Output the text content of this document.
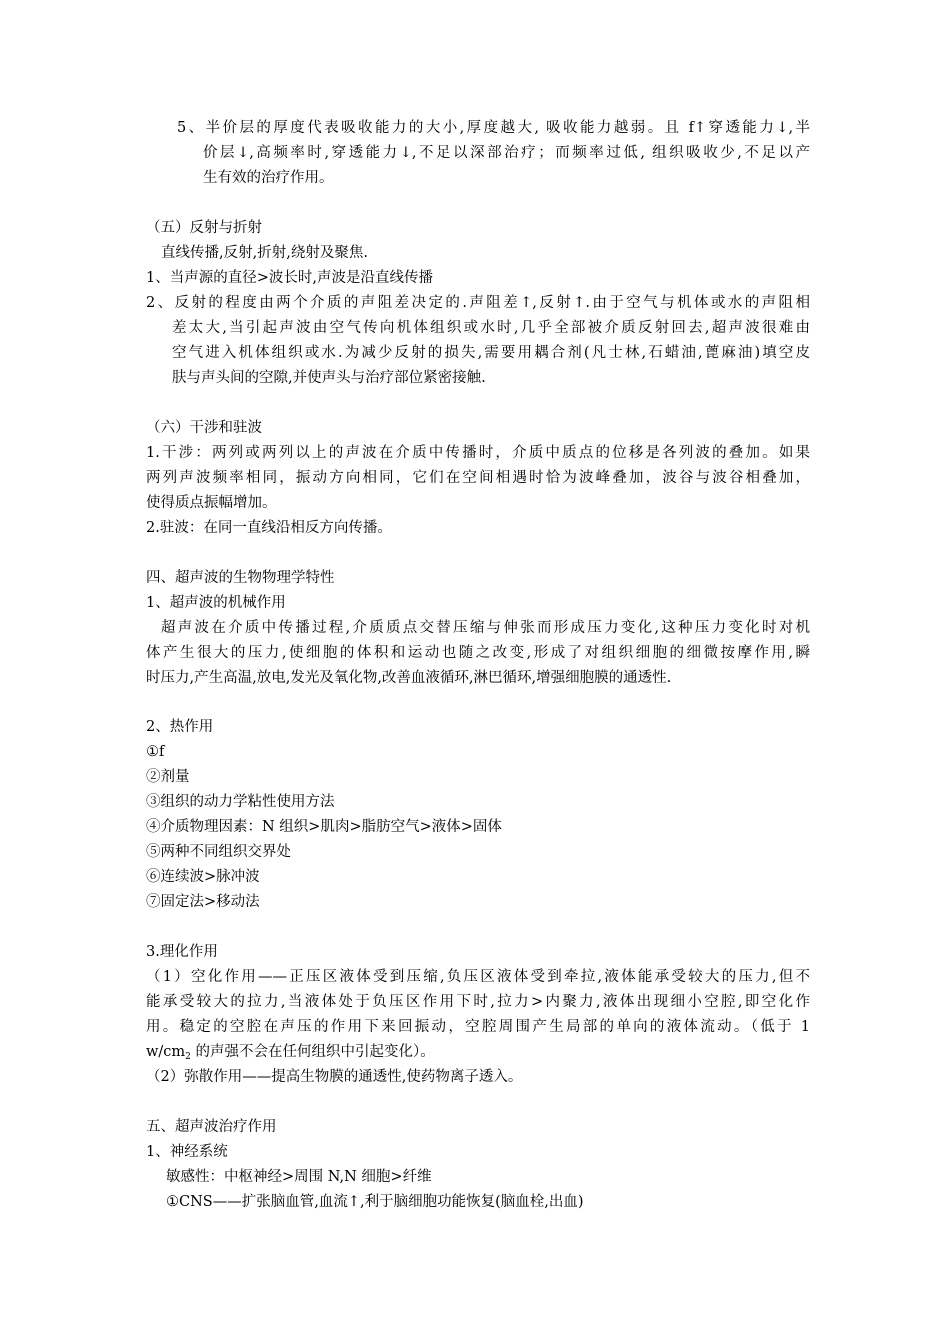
5、半价层的厚度代表吸收能力的大小,厚度越大, 吸收能力越弱。且 f↑穿透能力↓,半
价层↓,高频率时,穿透能力↓,不足以深部治疗；而频率过低, 组织吸收少,不足以产
生有效的治疗作用。
（五）反射与折射
直线传播,反射,折射,绕射及聚焦.
1、当声源的直径>波长时,声波是沿直线传播
2、反射的程度由两个介质的声阻差决定的.声阻差↑,反射↑.由于空气与机体或水的声阻相
差太大,当引起声波由空气传向机体组织或水时,几乎全部被介质反射回去,超声波很难由
空气进入机体组织或水.为减少反射的损失,需要用耦合剂(凡士林,石蜡油,蓖麻油)填空皮
肤与声头间的空隙,并使声头与治疗部位紧密接触.
（六）干涉和驻波
1.干涉：两列或两列以上的声波在介质中传播时，介质中质点的位移是各列波的叠加。如果
两列声波频率相同，振动方向相同，它们在空间相遇时恰为波峰叠加，波谷与波谷相叠加，
使得质点振幅增加。
2.驻波：在同一直线沿相反方向传播。
四、超声波的生物物理学特性
1、超声波的机械作用
超声波在介质中传播过程,介质质点交替压缩与伸张而形成压力变化,这种压力变化时对机
体产生很大的压力,使细胞的体积和运动也随之改变,形成了对组织细胞的细微按摩作用,瞬
时压力,产生高温,放电,发光及氧化物,改善血液循环,淋巴循环,增强细胞膜的通透性.
2、热作用
①f
②剂量
③组织的动力学粘性使用方法
④介质物理因素：N 组织>肌肉>脂肪空气>液体>固体
⑤两种不同组织交界处
⑥连续波>脉冲波
⑦固定法>移动法
3.理化作用
（1）空化作用——正压区液体受到压缩,负压区液体受到牵拉,液体能承受较大的压力,但不
能承受较大的拉力,当液体处于负压区作用下时,拉力>内聚力,液体出现细小空腔,即空化作
用。稳定的空腔在声压的作用下来回振动，空腔周围产生局部的单向的液体流动。（低于 1
$w/cm_2$ 的声强不会在任何组织中引起变化）。
（2）弥散作用——提高生物膜的通透性,使药物离子透入。
五、超声波治疗作用
1、神经系统
敏感性：中枢神经>周围 N,N 细胞>纤维
①CNS——扩张脑血管,血流↑,利于脑细胞功能恢复(脑血栓,出血)
